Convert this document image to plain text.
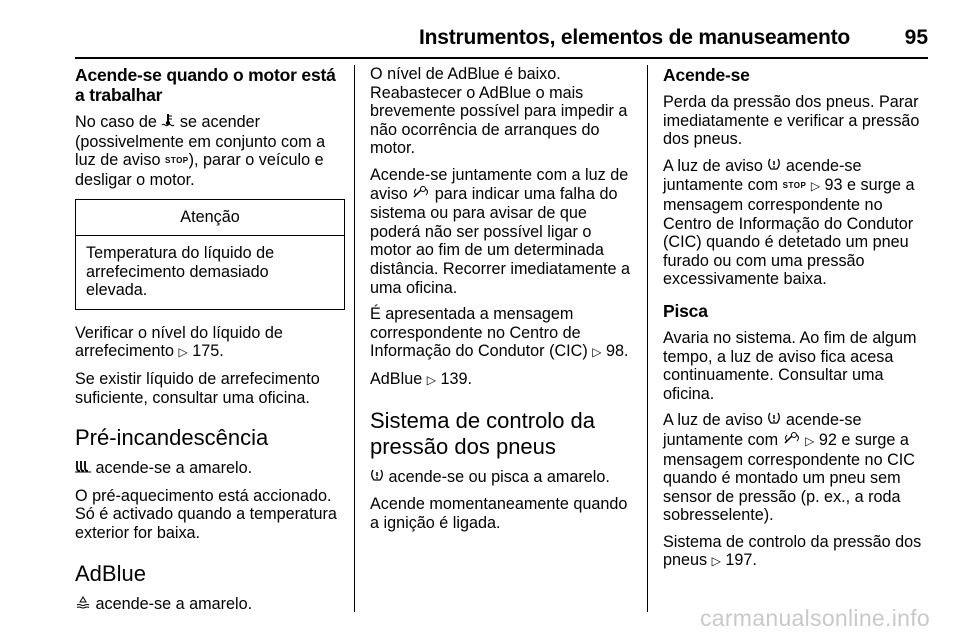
Instrumentos, elementos de manuseamento	95
Acende-se quando o motor está a trabalhar

No caso de se acender (possivelmente em conjunto com a luz de aviso STOP), parar o veículo e desligar o motor.

Atenção
Temperatura do líquido de arrefecimento demasiado elevada.

Verificar o nível do líquido de arrefecimento ▷ 175.

Se existir líquido de arrefecimento suficiente, consultar uma oficina.

Pré-incandescência

acende-se a amarelo.

O pré-aquecimento está accionado. Só é activado quando a temperatura exterior for baixa.

AdBlue

acende-se a amarelo.

O nível de AdBlue é baixo. Reabastecer o AdBlue o mais brevemente possível para impedir a não ocorrência de arranques do motor.

Acende-se juntamente com a luz de aviso para indicar uma falha do sistema ou para avisar de que poderá não ser possível ligar o motor ao fim de um determinada distância. Recorrer imediatamente a uma oficina.

É apresentada a mensagem correspondente no Centro de Informação do Condutor (CIC) ▷ 98.

AdBlue ▷ 139.

Sistema de controlo da pressão dos pneus

acende-se ou pisca a amarelo.

Acende momentaneamente quando a ignição é ligada.

Acende-se

Perda da pressão dos pneus. Parar imediatamente e verificar a pressão dos pneus.

A luz de aviso acende-se juntamente com STOP ▷ 93 e surge a mensagem correspondente no Centro de Informação do Condutor (CIC) quando é detetado um pneu furado ou com uma pressão excessivamente baixa.

Pisca

Avaria no sistema. Ao fim de algum tempo, a luz de aviso fica acesa continuamente. Consultar uma oficina.

A luz de aviso acende-se juntamente com ▷ 92 e surge a mensagem correspondente no CIC quando é montado um pneu sem sensor de pressão (p. ex., a roda sobresselente).

Sistema de controlo da pressão dos pneus ▷ 197.

carmanualsonline.info
